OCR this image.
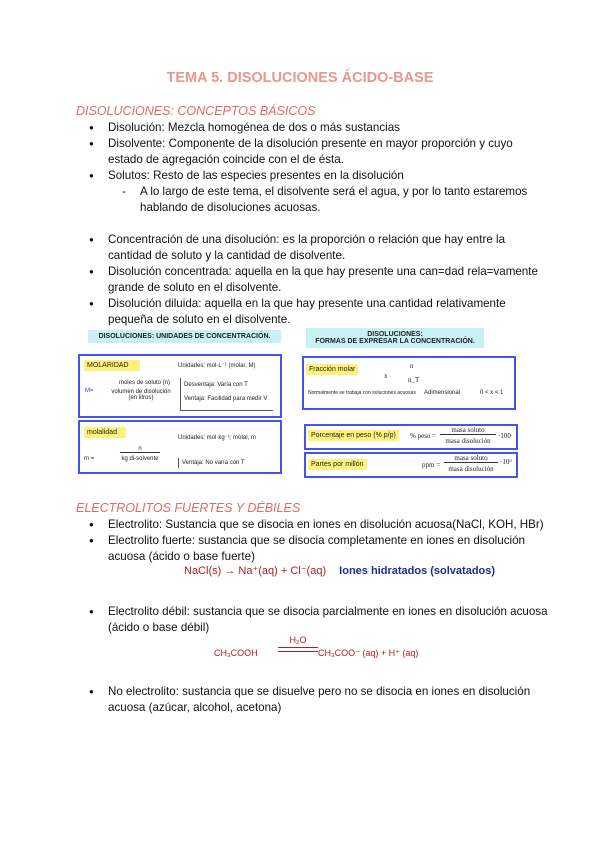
TEMA 5. DISOLUCIONES ÁCIDO-BASE
DISOLUCIONES: CONCEPTOS BÁSICOS
● Disolución: Mezcla homogénea de dos o más sustancias
● Disolvente: Componente de la disolución presente en mayor proporción y cuyo estado de agregación coincide con el de ésta.
● Solutos: Resto de las especies presentes en la disolución
- A lo largo de este tema, el disolvente será el agua, y por lo tanto estaremos hablando de disoluciones acuosas.
● Concentración de una disolución: es la proporción o relación que hay entre la cantidad de soluto y la cantidad de disolvente.
● Disolución concentrada: aquella en la que hay presente una can=dad rela=vamente grande de soluto en el disolvente.
● Disolución diluida: aquella en la que hay presente una cantidad relativamente pequeña de soluto en el disolvente.
DISOLUCIONES: UNIDADES DE CONCENTRACIÓN.
MOLARIDAD	Unidades: mol·L⁻¹ (molar, M)
M=
moles de soluto (n)
volumen de disolución (en litros)
Desventaja: Varía con T
Ventaja: Facilidad para medir V
molalidad
Unidades: mol·kg⁻¹; molal, m
m =
n
kg di-solvente
Ventaja: No varía con T
DISOLUCIONES:
FORMAS DE EXPRESAR LA CONCENTRACIÓN.
Fracción molar
x
n
n_T
Normalmente se trabaja con soluciones acuosas Adimensional	0 < x < 1
Porcentaje en peso (% p/p)	% peso =
masa soluto
masa disolución
·100
Partes por millón	ppm =
masa soluto
masa disolución
·10⁶
ELECTROLITOS FUERTES Y DÉBILES
● Electrolito: Sustancia que se disocia en iones en disolución acuosa(NaCl, KOH, HBr)
● Electrolito fuerte: sustancia que se disocia completamente en iones en disolución acuosa (ácido o base fuerte)
NaCl(s) → Na⁺(aq) + Cl⁻(aq) Iones hidratados (solvatados)
● Electrolito débil: sustancia que se disocia parcialmente en iones en disolución acuosa (ácido o base débil)
CH₃COOH
H₂O
CH₃COO⁻ (aq) + H⁺ (aq)
● No electrolito: sustancia que se disuelve pero no se disocia en iones en disolución acuosa (azúcar, alcohol, acetona)
